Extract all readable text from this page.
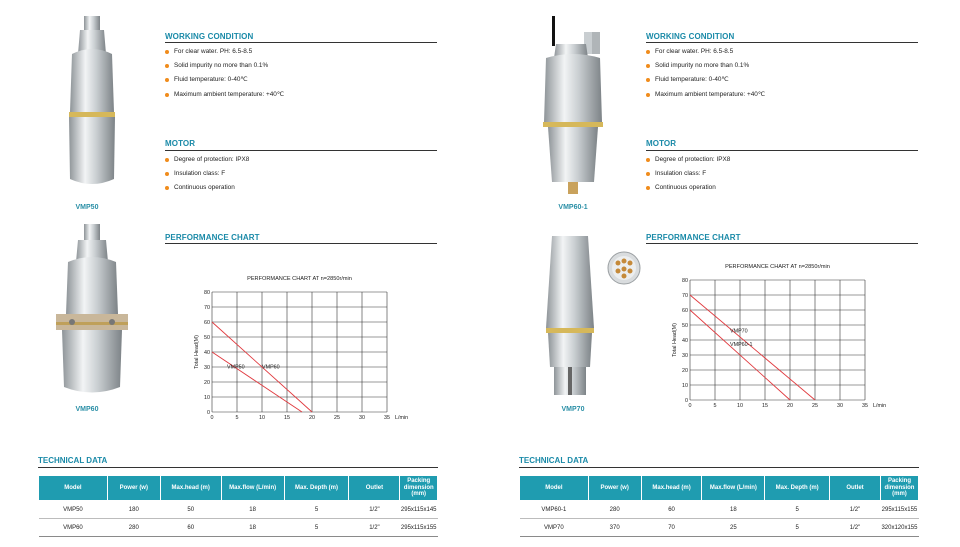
VMP50
VMP60
WORKING CONDITION
For clear water. PH: 6.5-8.5
Solid impurity no more than 0.1%
Fluid temperature: 0-40℃
Maximum ambient temperature: +40℃
MOTOR
Degree of protection: IPX8
Insulation class: F
Continuous operation
PERFORMANCE CHART
PERFORMANCE CHART AT n=2850r/min
0	5	10	15	20	25	30	35
0
10
20
30
40
50
60
70
80
L/min
Total Head(M)	VMP50	VMP60
TECHNICAL DATA
Model	Power (w)	Max.head (m)	Max.flow (L/min)	Max. Depth (m)	Outlet	Packing dimension (mm)
VMP50	180	50	18	5	1/2"	295x115x145
VMP60	280	60	18	5	1/2"	295x115x155
VMP60-1
VMP70
WORKING CONDITION
For clear water. PH: 6.5-8.5
Solid impurity no more than 0.1%
Fluid temperature: 0-40℃
Maximum ambient temperature: +40℃
MOTOR
Degree of protection: IPX8
Insulation class: F
Continuous operation
PERFORMANCE CHART
PERFORMANCE CHART AT n=2850r/min
0	5	10	15	20	25	30	35
0
10
20
30
40
50
60
70
80
L/min
Total Head(M)	VMP70
VMP60-1
TECHNICAL DATA
Model	Power (w)	Max.head (m)	Max.flow (L/min)	Max. Depth (m)	Outlet	Packing dimension (mm)
VMP60-1	280	60	18	5	1/2"	295x115x155
VMP70	370	70	25	5	1/2"	320x120x155
